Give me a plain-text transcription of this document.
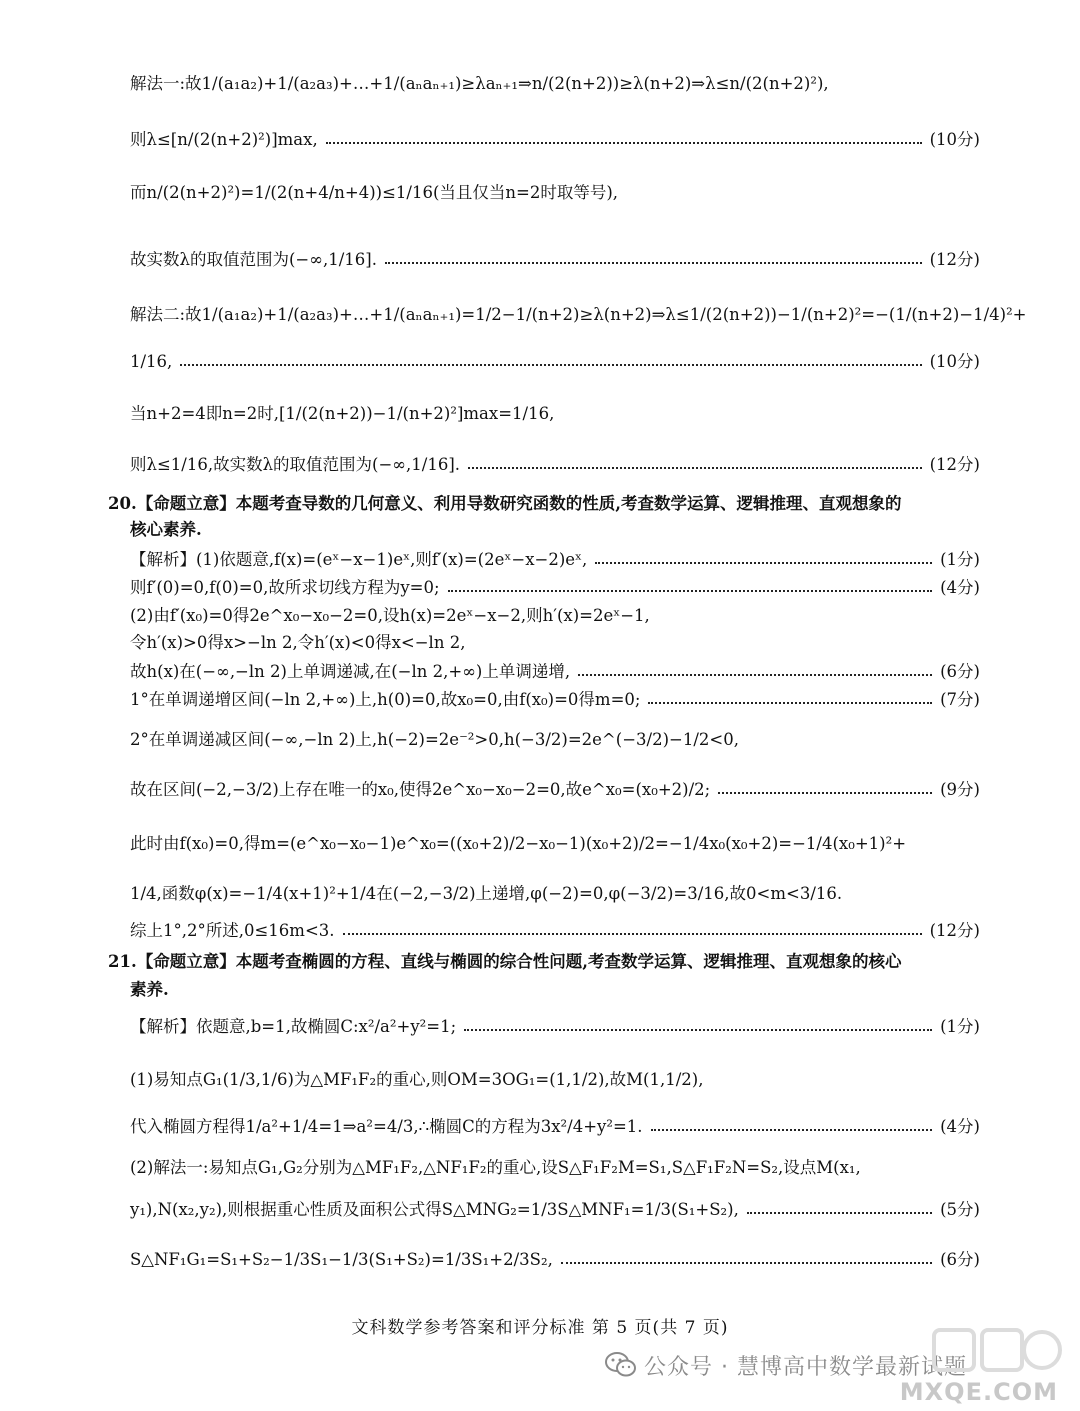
解法一:故1/(a₁a₂)+1/(a₂a₃)+…+1/(aₙaₙ₊₁)≥λaₙ₊₁⇒n/(2(n+2))≥λ(n+2)⇒λ≤n/(2(n+2)²),
则λ≤[n/(2(n+2)²)]max,	(10分)
而n/(2(n+2)²)=1/(2(n+4/n+4))≤1/16(当且仅当n=2时取等号),
故实数λ的取值范围为(−∞,1/16].	(12分)
解法二:故1/(a₁a₂)+1/(a₂a₃)+…+1/(aₙaₙ₊₁)=1/2−1/(n+2)≥λ(n+2)⇒λ≤1/(2(n+2))−1/(n+2)²=−(1/(n+2)−1/4)²+
1/16,	(10分)
当n+2=4即n=2时,[1/(2(n+2))−1/(n+2)²]max=1/16,
则λ≤1/16,故实数λ的取值范围为(−∞,1/16].	(12分)
20.【命题立意】本题考查导数的几何意义、利用导数研究函数的性质,考查数学运算、逻辑推理、直观想象的
核心素养.
【解析】(1)依题意,f(x)=(eˣ−x−1)eˣ,则f′(x)=(2eˣ−x−2)eˣ,	(1分)
则f′(0)=0,f(0)=0,故所求切线方程为y=0;	(4分)
(2)由f′(x₀)=0得2e^x₀−x₀−2=0,设h(x)=2eˣ−x−2,则h′(x)=2eˣ−1,
令h′(x)>0得x>−ln 2,令h′(x)<0得x<−ln 2,
故h(x)在(−∞,−ln 2)上单调递减,在(−ln 2,+∞)上单调递增,	(6分)
1°在单调递增区间(−ln 2,+∞)上,h(0)=0,故x₀=0,由f(x₀)=0得m=0;	(7分)
2°在单调递减区间(−∞,−ln 2)上,h(−2)=2e⁻²>0,h(−3/2)=2e^(−3/2)−1/2<0,
故在区间(−2,−3/2)上存在唯一的x₀,使得2e^x₀−x₀−2=0,故e^x₀=(x₀+2)/2;	(9分)
此时由f(x₀)=0,得m=(e^x₀−x₀−1)e^x₀=((x₀+2)/2−x₀−1)(x₀+2)/2=−1/4x₀(x₀+2)=−1/4(x₀+1)²+
1/4,函数φ(x)=−1/4(x+1)²+1/4在(−2,−3/2)上递增,φ(−2)=0,φ(−3/2)=3/16,故0<m<3/16.
综上1°,2°所述,0≤16m<3.	(12分)
21.【命题立意】本题考查椭圆的方程、直线与椭圆的综合性问题,考查数学运算、逻辑推理、直观想象的核心
素养.
【解析】依题意,b=1,故椭圆C:x²/a²+y²=1;	(1分)
(1)易知点G₁(1/3,1/6)为△MF₁F₂的重心,则OM=3OG₁=(1,1/2),故M(1,1/2),
代入椭圆方程得1/a²+1/4=1⇒a²=4/3,∴椭圆C的方程为3x²/4+y²=1.	(4分)
(2)解法一:易知点G₁,G₂分别为△MF₁F₂,△NF₁F₂的重心,设S△F₁F₂M=S₁,S△F₁F₂N=S₂,设点M(x₁,
y₁),N(x₂,y₂),则根据重心性质及面积公式得S△MNG₂=1/3S△MNF₁=1/3(S₁+S₂),	(5分)
S△NF₁G₁=S₁+S₂−1/3S₁−1/3(S₁+S₂)=1/3S₁+2/3S₂,	(6分)
文科数学参考答案和评分标准 第 5 页(共 7 页)
公众号 · 慧博高中数学最新试题
MXQE.COM
